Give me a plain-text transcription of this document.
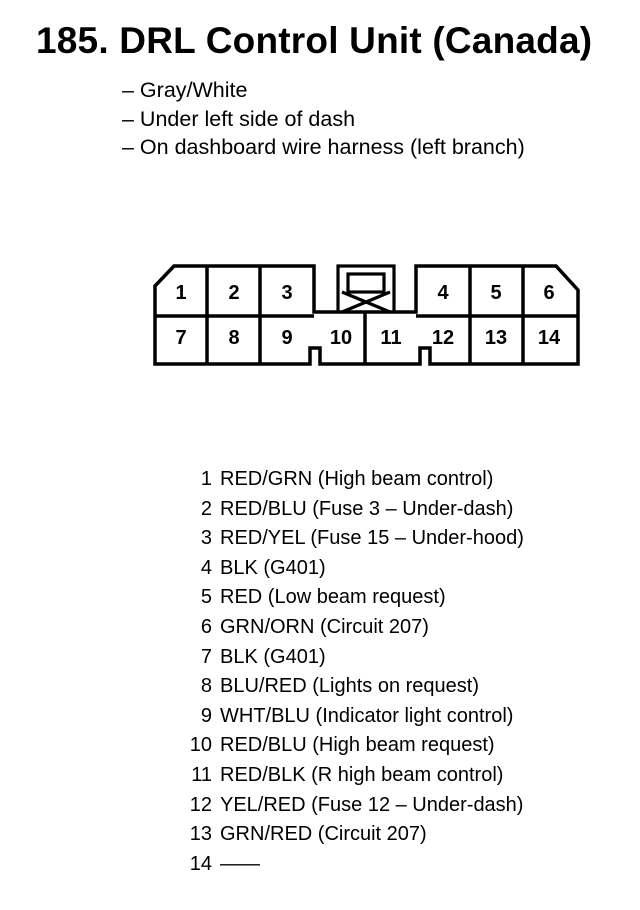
185. DRL Control Unit (Canada)
– Gray/White
– Under left side of dash
– On dashboard wire harness (left branch)
1 2 3	4 5 6
7 8 9 10 11 12 13 14
1 RED/GRN (High beam control)
2 RED/BLU (Fuse 3 – Under-dash)
3 RED/YEL (Fuse 15 – Under-hood)
4 BLK (G401)
5 RED (Low beam request)
6 GRN/ORN (Circuit 207)
7 BLK (G401)
8 BLU/RED (Lights on request)
9 WHT/BLU (Indicator light control)
10 RED/BLU (High beam request)
11 RED/BLK (R high beam control)
12 YEL/RED (Fuse 12 – Under-dash)
13 GRN/RED (Circuit 207)
14 ——
